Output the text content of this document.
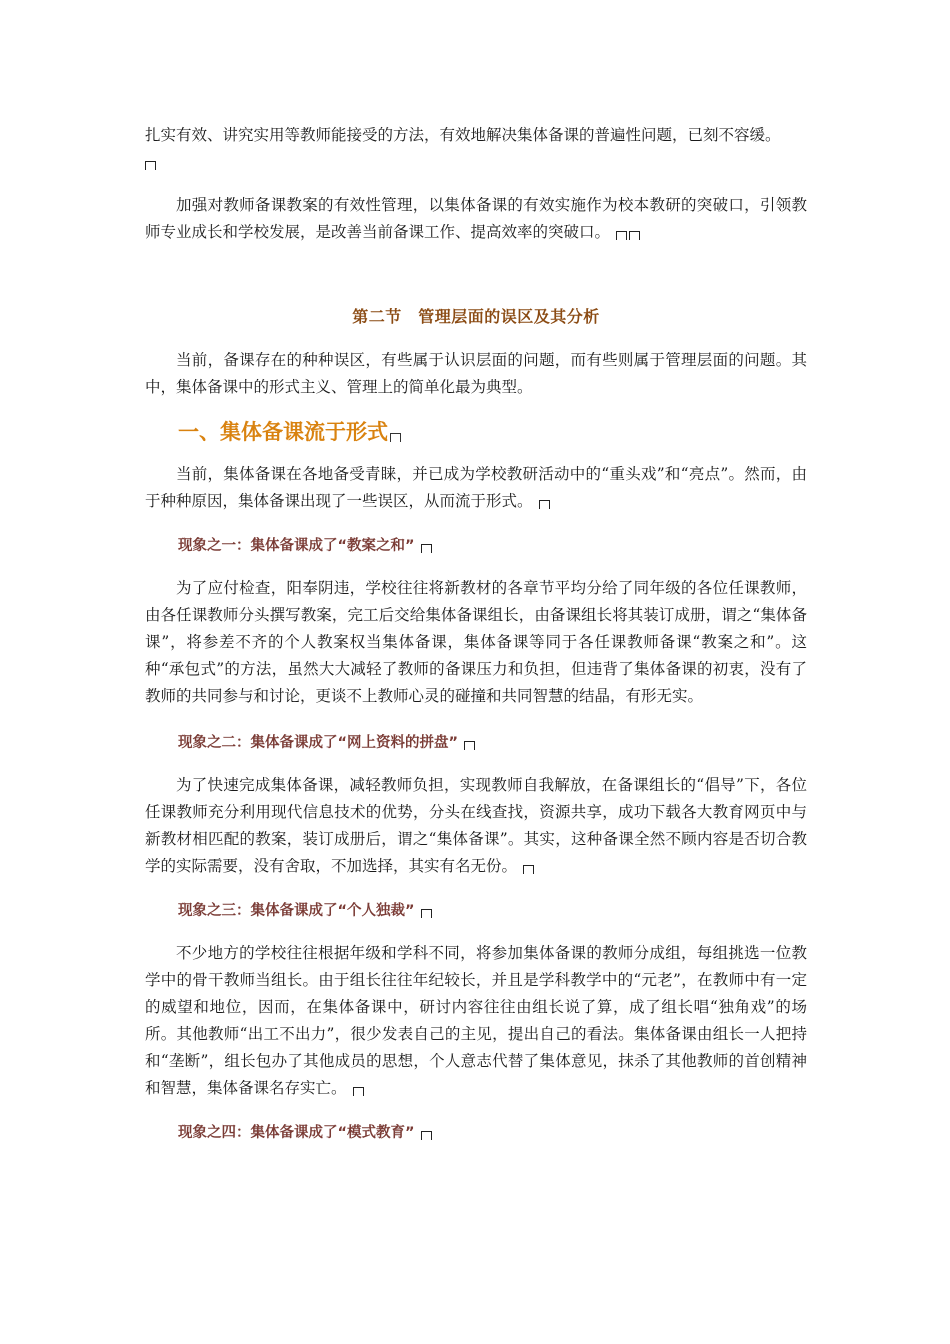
扎实有效、讲究实用等教师能接受的方法，有效地解决集体备课的普遍性问题，已刻不容缓。

加强对教师备课教案的有效性管理，以集体备课的有效实施作为校本教研的突破口，引领教师专业成长和学校发展，是改善当前备课工作、提高效率的突破口。

第二节　管理层面的误区及其分析

当前，备课存在的种种误区，有些属于认识层面的问题，而有些则属于管理层面的问题。其中，集体备课中的形式主义、管理上的简单化最为典型。

一、集体备课流于形式

当前，集体备课在各地备受青睐，并已成为学校教研活动中的“重头戏”和“亮点”。然而，由于种种原因，集体备课出现了一些误区，从而流于形式。

现象之一：集体备课成了“教案之和”

为了应付检查，阳奉阴违，学校往往将新教材的各章节平均分给了同年级的各位任课教师，由各任课教师分头撰写教案，完工后交给集体备课组长，由备课组长将其装订成册，谓之“集体备课”，将参差不齐的个人教案权当集体备课，集体备课等同于各任课教师备课“教案之和”。这种“承包式”的方法，虽然大大减轻了教师的备课压力和负担，但违背了集体备课的初衷，没有了教师的共同参与和讨论，更谈不上教师心灵的碰撞和共同智慧的结晶，有形无实。

现象之二：集体备课成了“网上资料的拼盘”

为了快速完成集体备课，减轻教师负担，实现教师自我解放，在备课组长的“倡导”下，各位任课教师充分利用现代信息技术的优势，分头在线查找，资源共享，成功下载各大教育网页中与新教材相匹配的教案，装订成册后，谓之“集体备课”。其实，这种备课全然不顾内容是否切合教学的实际需要，没有舍取，不加选择，其实有名无份。

现象之三：集体备课成了“个人独裁”

不少地方的学校往往根据年级和学科不同，将参加集体备课的教师分成组，每组挑选一位教学中的骨干教师当组长。由于组长往往年纪较长，并且是学科教学中的“元老”，在教师中有一定的威望和地位，因而，在集体备课中，研讨内容往往由组长说了算，成了组长唱“独角戏”的场所。其他教师“出工不出力”，很少发表自己的主见，提出自己的看法。集体备课由组长一人把持和“垄断”，组长包办了其他成员的思想，个人意志代替了集体意见，抹杀了其他教师的首创精神和智慧，集体备课名存实亡。

现象之四：集体备课成了“模式教育”
